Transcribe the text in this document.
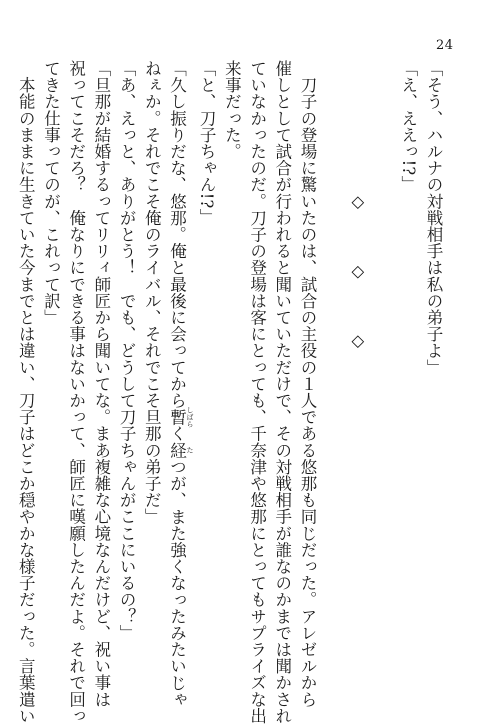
24
「そう、ハルナの対戦相手は私の弟子よ」
「え、ええっ!?」
◇　◇　◇
　刀子の登場に驚いたのは、試合の主役の１人である悠那も同じだった。アレゼルから
催しとして試合が行われると聞いていただけで、その対戦相手が誰なのかまでは聞かされ
ていなかったのだ。刀子の登場は客にとっても、千奈津や悠那にとってもサプライズな出
来事だった。
「と、刀子ちゃん!?」
「久し振りだな、悠那。俺と最後に会ってから暫 しばらく経 たつが、また強くなったみたいじゃ
ねぇか。それでこそ俺のライバル、それでこそ旦那の弟子だ」
「あ、えっと、ありがとう！　でも、どうして刀子ちゃんがここにいるの？」
「旦那が結婚するってリリィ師匠から聞いてな。まあ複雑な心境なんだけど、祝い事は
祝ってこそだろ？　俺なりにできる事はないかって、師匠に嘆願したんだよ。それで回っ
てきた仕事ってのが、これって訳」
　本能のままに生きていた今までとは違い、刀子はどこか穏やかな様子だった。言葉遣い
